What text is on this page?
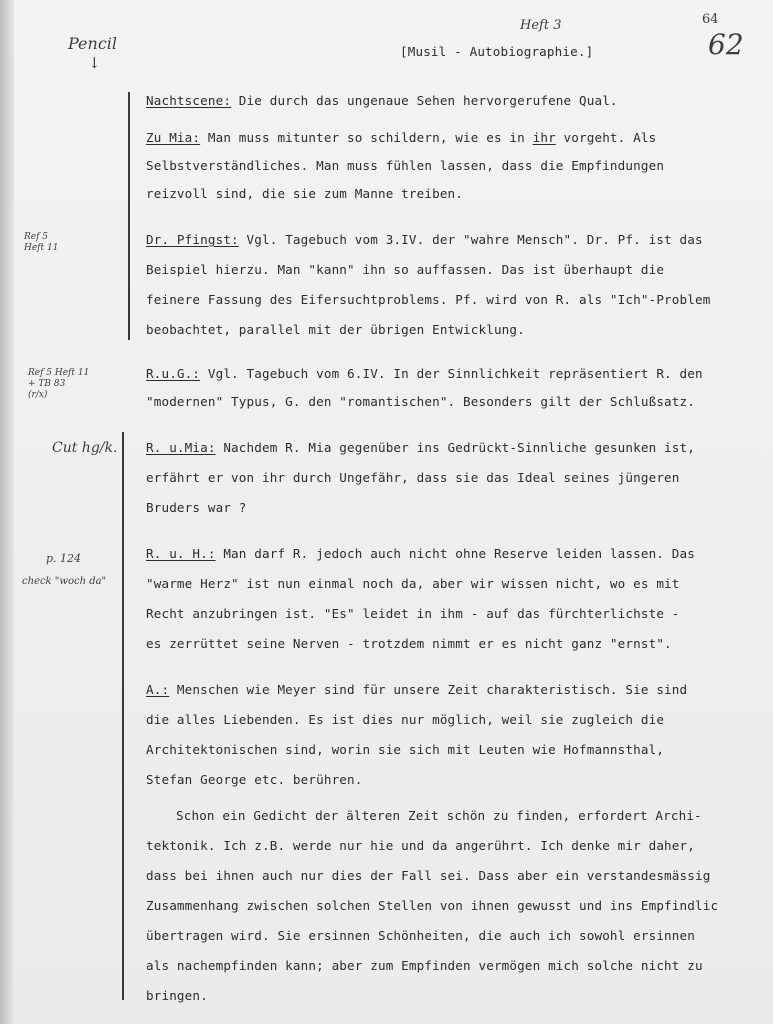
Pencil
↓
Heft 3	64
62
[Musil - Autobiographie.]
Ref 5
Heft 11
Ref 5 Heft 11
+ TB 83
(r/x)
Cut hg/k.
p. 124
check "woch da"
Nachtscene: Die durch das ungenaue Sehen hervorgerufene Qual.
Zu Mia: Man muss mitunter so schildern, wie es in ihr vorgeht. Als
Selbstverständliches. Man muss fühlen lassen, dass die Empfindungen
reizvoll sind, die sie zum Manne treiben.
Dr. Pfingst: Vgl. Tagebuch vom 3.IV. der "wahre Mensch". Dr. Pf. ist das
Beispiel hierzu. Man "kann" ihn so auffassen. Das ist überhaupt die
feinere Fassung des Eifersuchtproblems. Pf. wird von R. als "Ich"-Problem
beobachtet, parallel mit der übrigen Entwicklung.
R.u.G.: Vgl. Tagebuch vom 6.IV. In der Sinnlichkeit repräsentiert R. den
"modernen" Typus, G. den "romantischen". Besonders gilt der Schlußsatz.
R. u.Mia: Nachdem R. Mia gegenüber ins Gedrückt-Sinnliche gesunken ist,
erfährt er von ihr durch Ungefähr, dass sie das Ideal seines jüngeren
Bruders war ?
R. u. H.: Man darf R. jedoch auch nicht ohne Reserve leiden lassen. Das
"warme Herz" ist nun einmal noch da, aber wir wissen nicht, wo es mit
Recht anzubringen ist. "Es" leidet in ihm - auf das fürchterlichste -
es zerrüttet seine Nerven - trotzdem nimmt er es nicht ganz "ernst".
A.: Menschen wie Meyer sind für unsere Zeit charakteristisch. Sie sind
die alles Liebenden. Es ist dies nur möglich, weil sie zugleich die
Architektonischen sind, worin sie sich mit Leuten wie Hofmannsthal,
Stefan George etc. berühren.
Schon ein Gedicht der älteren Zeit schön zu finden, erfordert Archi-
tektonik. Ich z.B. werde nur hie und da angerührt. Ich denke mir daher,
dass bei ihnen auch nur dies der Fall sei. Dass aber ein verstandesmässig
Zusammenhang zwischen solchen Stellen von ihnen gewusst und ins Empfindlic
übertragen wird. Sie ersinnen Schönheiten, die auch ich sowohl ersinnen
als nachempfinden kann; aber zum Empfinden vermögen mich solche nicht zu
bringen.
